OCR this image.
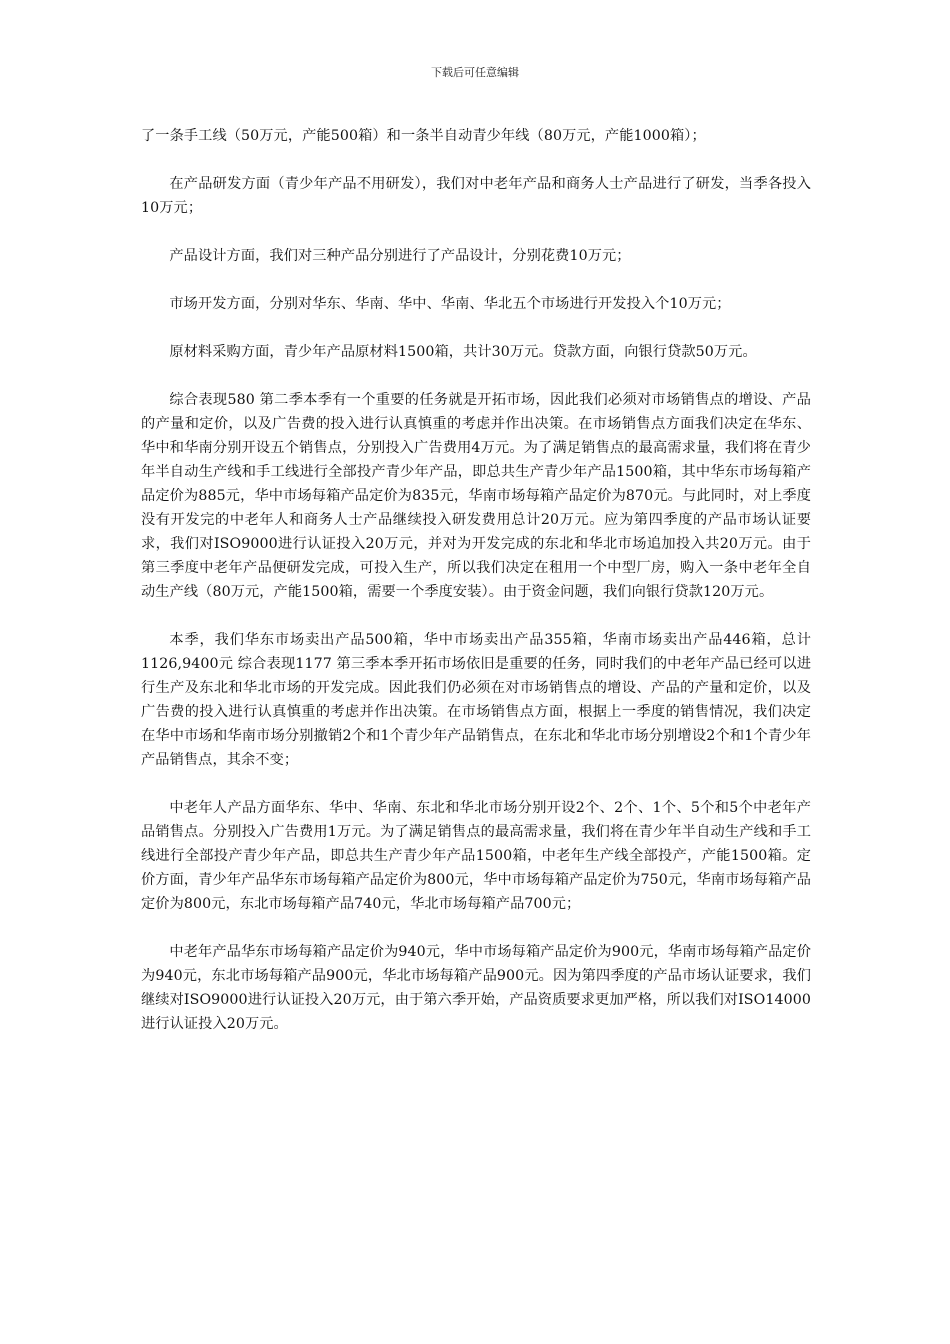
下载后可任意编辑

了一条手工线（50万元，产能500箱）和一条半自动青少年线（80万元，产能1000箱）；

在产品研发方面（青少年产品不用研发），我们对中老年产品和商务人士产品进行了研发，当季各投入10万元；

产品设计方面，我们对三种产品分别进行了产品设计，分别花费10万元；

市场开发方面，分别对华东、华南、华中、华南、华北五个市场进行开发投入个10万元；

原材料采购方面，青少年产品原材料1500箱，共计30万元。贷款方面，向银行贷款50万元。

综合表现580 第二季本季有一个重要的任务就是开拓市场，因此我们必须对市场销售点的增设、产品的产量和定价，以及广告费的投入进行认真慎重的考虑并作出决策。在市场销售点方面我们决定在华东、华中和华南分别开设五个销售点，分别投入广告费用4万元。为了满足销售点的最高需求量，我们将在青少年半自动生产线和手工线进行全部投产青少年产品，即总共生产青少年产品1500箱，其中华东市场每箱产品定价为885元，华中市场每箱产品定价为835元，华南市场每箱产品定价为870元。与此同时，对上季度没有开发完的中老年人和商务人士产品继续投入研发费用总计20万元。应为第四季度的产品市场认证要求，我们对ISO9000进行认证投入20万元，并对为开发完成的东北和华北市场追加投入共20万元。由于第三季度中老年产品便研发完成，可投入生产，所以我们决定在租用一个中型厂房，购入一条中老年全自动生产线（80万元，产能1500箱，需要一个季度安装）。由于资金问题，我们向银行贷款120万元。

本季，我们华东市场卖出产品500箱，华中市场卖出产品355箱，华南市场卖出产品446箱，总计1126,9400元 综合表现1177 第三季本季开拓市场依旧是重要的任务，同时我们的中老年产品已经可以进行生产及东北和华北市场的开发完成。因此我们仍必须在对市场销售点的增设、产品的产量和定价，以及广告费的投入进行认真慎重的考虑并作出决策。在市场销售点方面，根据上一季度的销售情况，我们决定在华中市场和华南市场分别撤销2个和1个青少年产品销售点，在东北和华北市场分别增设2个和1个青少年产品销售点，其余不变；

中老年人产品方面华东、华中、华南、东北和华北市场分别开设2个、2个、1个、5个和5个中老年产品销售点。分别投入广告费用1万元。为了满足销售点的最高需求量，我们将在青少年半自动生产线和手工线进行全部投产青少年产品，即总共生产青少年产品1500箱，中老年生产线全部投产，产能1500箱。定价方面，青少年产品华东市场每箱产品定价为800元，华中市场每箱产品定价为750元，华南市场每箱产品定价为800元，东北市场每箱产品740元，华北市场每箱产品700元；

中老年产品华东市场每箱产品定价为940元，华中市场每箱产品定价为900元，华南市场每箱产品定价为940元，东北市场每箱产品900元，华北市场每箱产品900元。因为第四季度的产品市场认证要求，我们继续对ISO9000进行认证投入20万元，由于第六季开始，产品资质要求更加严格，所以我们对ISO14000进行认证投入20万元。
